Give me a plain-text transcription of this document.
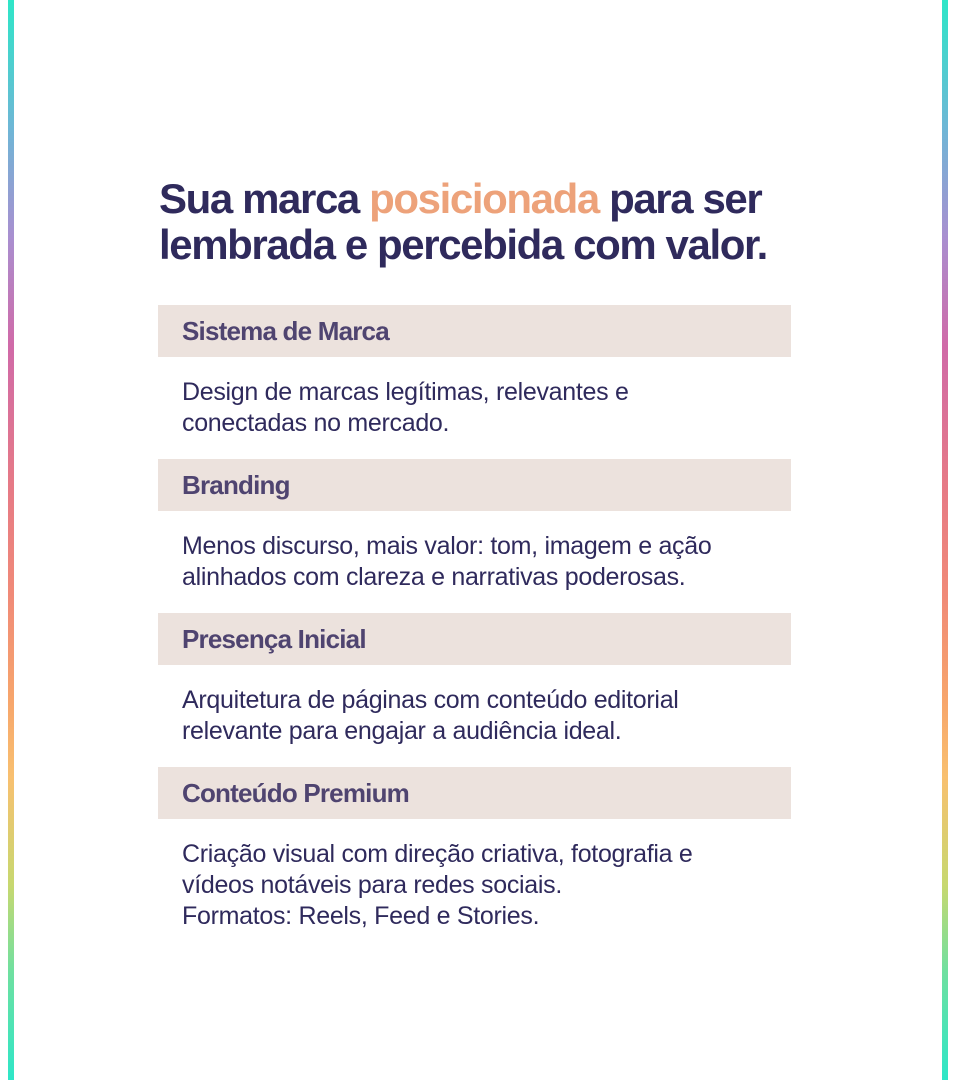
Sua marca posicionada para ser lembrada e percebida com valor.
Sistema de Marca
Design de marcas legítimas, relevantes e
conectadas no mercado.
Branding
Menos discurso, mais valor: tom, imagem e ação
alinhados com clareza e narrativas poderosas.
Presença Inicial
Arquitetura de páginas com conteúdo editorial
relevante para engajar a audiência ideal.
Conteúdo Premium
Criação visual com direção criativa, fotografia e
vídeos notáveis para redes sociais.
Formatos: Reels, Feed e Stories.
